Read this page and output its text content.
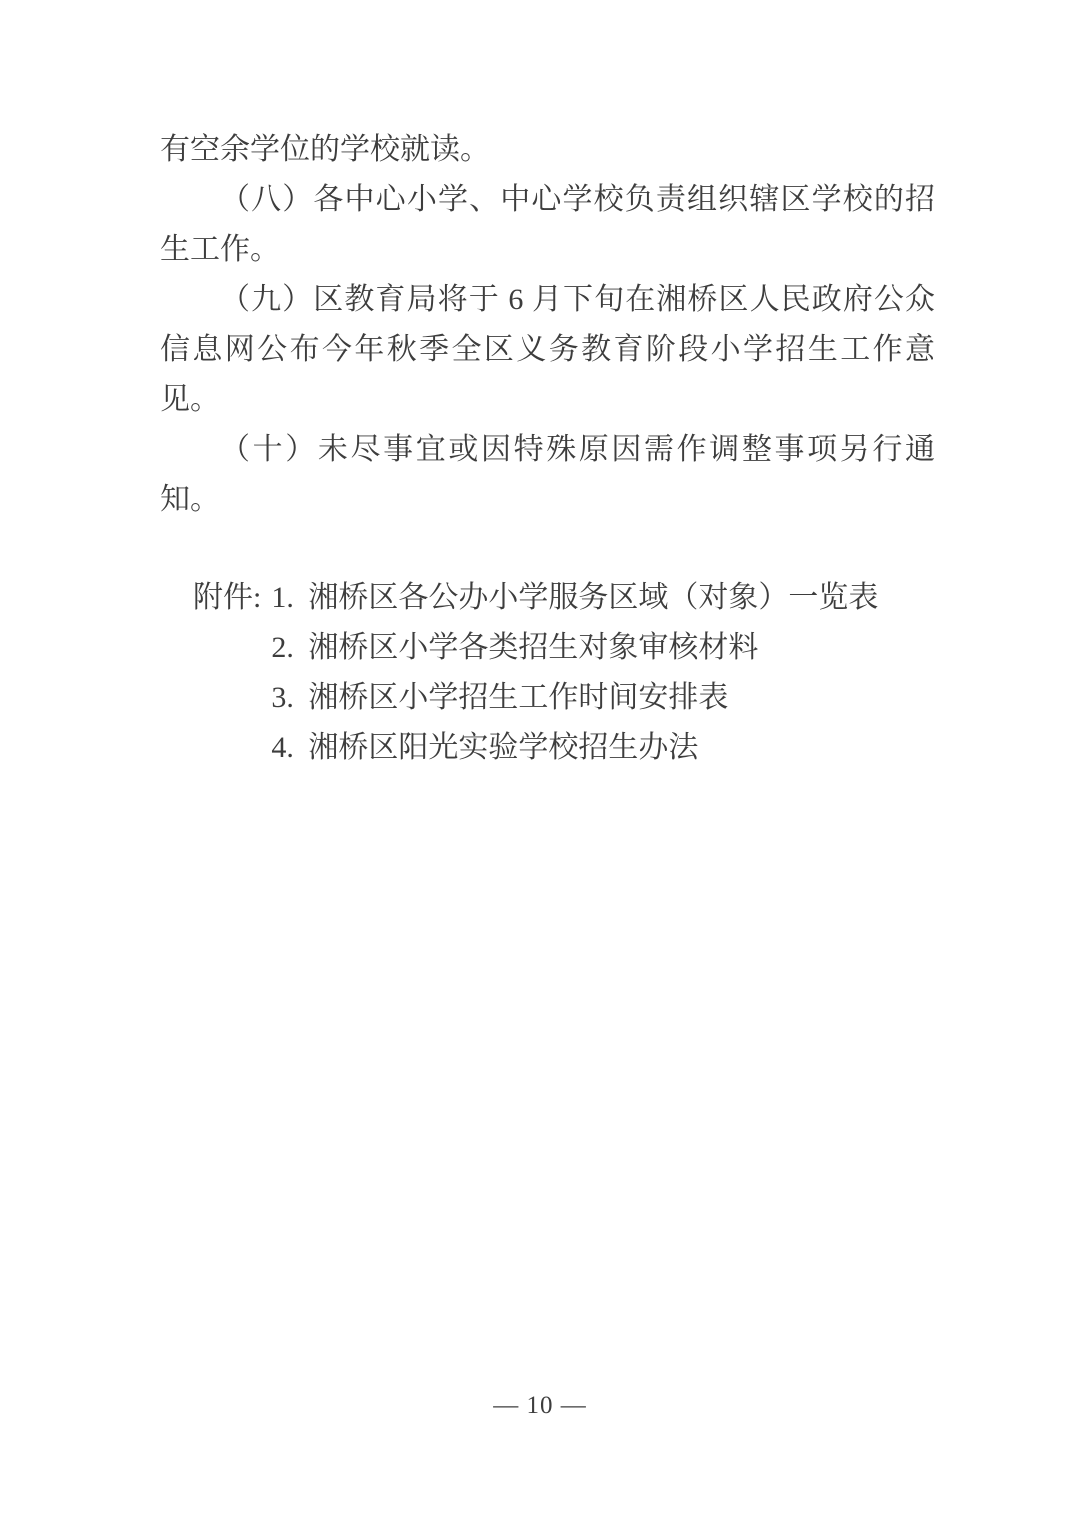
有空余学位的学校就读。

（八）各中心小学、中心学校负责组织辖区学校的招生工作。

（九）区教育局将于 6 月下旬在湘桥区人民政府公众信息网公布今年秋季全区义务教育阶段小学招生工作意见。

（十）未尽事宜或因特殊原因需作调整事项另行通知。

附件: 1. 湘桥区各公办小学服务区域（对象）一览表
2. 湘桥区小学各类招生对象审核材料
3. 湘桥区小学招生工作时间安排表
4. 湘桥区阳光实验学校招生办法
— 10 —
